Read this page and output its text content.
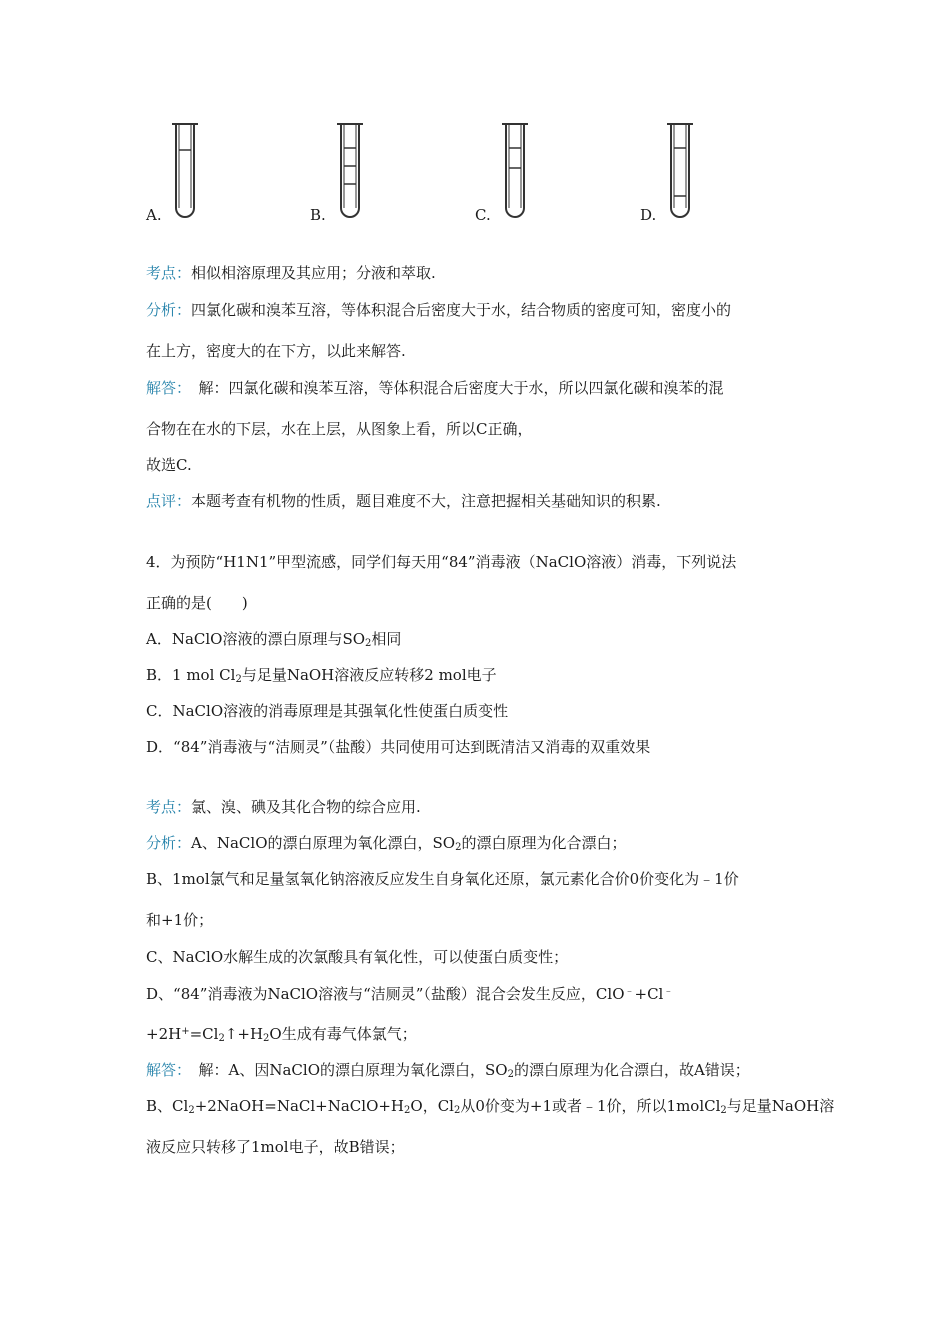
A.	B.	C.	D.
考点：相似相溶原理及其应用；分液和萃取.
分析：四氯化碳和溴苯互溶，等体积混合后密度大于水，结合物质的密度可知，密度小的
在上方，密度大的在下方，以此来解答.
解答：　解：四氯化碳和溴苯互溶，等体积混合后密度大于水，所以四氯化碳和溴苯的混
合物在在水的下层，水在上层，从图象上看，所以C正确，
故选C.
点评：本题考查有机物的性质，题目难度不大，注意把握相关基础知识的积累.
4．为预防“H1N1”甲型流感，同学们每天用“84”消毒液（NaClO溶液）消毒，下列说法
正确的是(　　)
A．NaClO溶液的漂白原理与$SO_2$相同
B．1 mol $Cl_2$与足量NaOH溶液反应转移2 mol电子
C．NaClO溶液的消毒原理是其强氧化性使蛋白质变性
D．“84”消毒液与“洁厕灵”（盐酸）共同使用可达到既清洁又消毒的双重效果
考点：氯、溴、碘及其化合物的综合应用.
分析：A、NaClO的漂白原理为氧化漂白，$SO_2$的漂白原理为化合漂白；
B、1mol氯气和足量氢氧化钠溶液反应发生自身氧化还原，氯元素化合价0价变化为﹣1价
和+1价；
C、NaClO水解生成的次氯酸具有氧化性，可以使蛋白质变性；
D、“84”消毒液为NaClO溶液与“洁厕灵”（盐酸）混合会发生反应，ClO﹣+Cl﹣
$+2H^+=Cl_2↑+H_2O$生成有毒气体氯气；
解答：　解：A、因NaClO的漂白原理为氧化漂白，$SO_2$的漂白原理为化合漂白，故A错误；
B、$Cl_2+2NaOH=NaCl+NaClO+H_2O$，$Cl_2$从0价变为+1或者﹣1价，所以1molCl$_2$与足量NaOH溶
液反应只转移了1mol电子，故B错误；
